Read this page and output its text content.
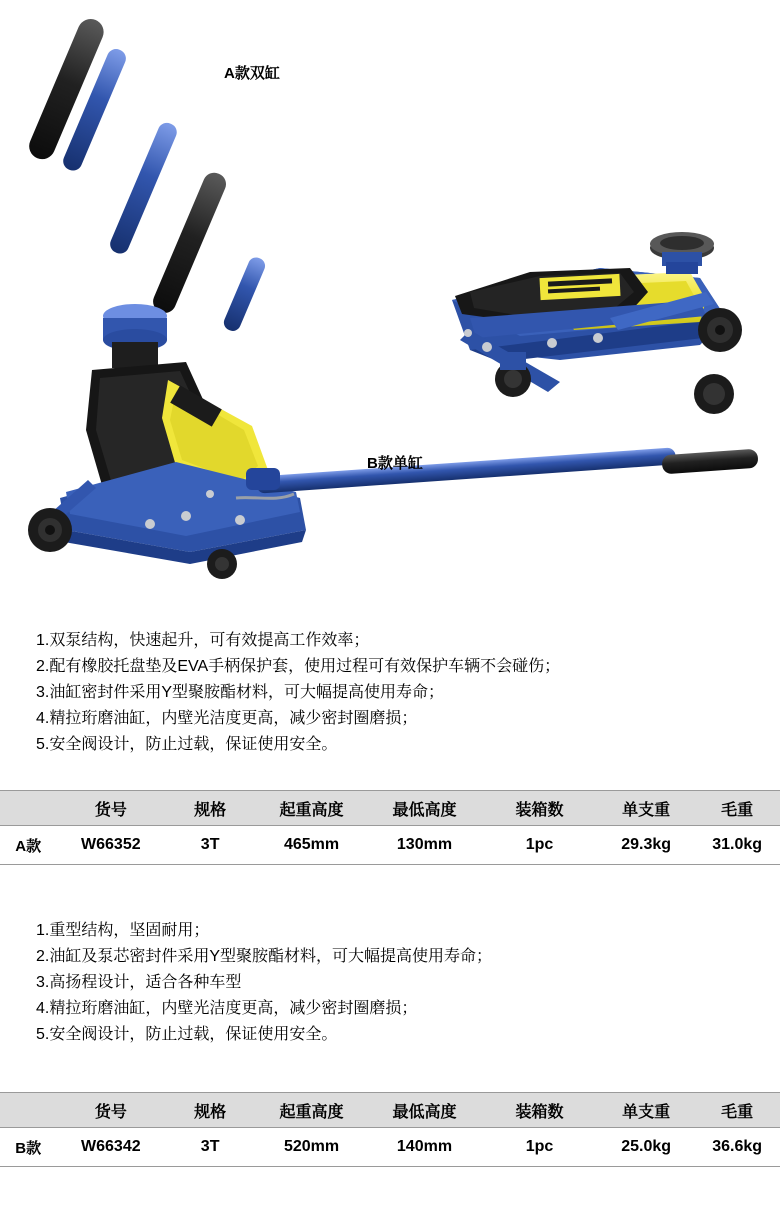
A款双缸
B款单缸
1.双泵结构，快速起升，可有效提高工作效率；
2.配有橡胶托盘垫及EVA手柄保护套，使用过程可有效保护车辆不会碰伤；
3.油缸密封件采用Y型聚胺酯材料，可大幅提高使用寿命；
4.精拉珩磨油缸，内壁光洁度更高，减少密封圈磨损；
5.安全阀设计，防止过载，保证使用安全。
	货号	规格	起重高度	最低高度	装箱数	单支重	毛重
A款	W66352	3T	465mm	130mm	1pc	29.3kg	31.0kg
1.重型结构，坚固耐用；
2.油缸及泵芯密封件采用Y型聚胺酯材料，可大幅提高使用寿命；
3.高扬程设计，适合各种车型
4.精拉珩磨油缸，内壁光洁度更高，减少密封圈磨损；
5.安全阀设计，防止过载，保证使用安全。
	货号	规格	起重高度	最低高度	装箱数	单支重	毛重
B款	W66342	3T	520mm	140mm	1pc	25.0kg	36.6kg
